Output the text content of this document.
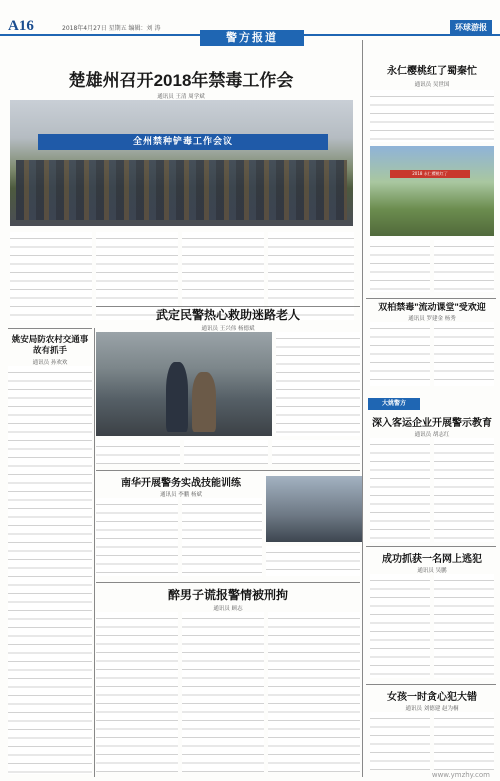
A16	2018年4月27日 星期五 编辑：刘 涛
警方报道
环球游报
楚雄州召开2018年禁毒工作会
通讯员 王清 周学斌
全州禁种铲毒工作会议
永仁樱桃红了蜀秦忙
通讯员 吴世国
2018 永仁樱桃红了
姚安局防农村交通事故有抓手
通讯员 孙欢欢
武定民警热心救助迷路老人
通讯员 王兴伟 杨德斌
双柏禁毒"流动课堂"受欢迎
通讯员 罗建金 杨秀
大姚警方
深入客运企业开展警示教育
通讯员 胡志红
南华开展警务实战技能训练
通讯员 李鹏 杨斌
成功抓获一名网上逃犯
通讯员 吴鹏
醉男子谎报警情被刑拘
通讯员 顾志
女孩一时贪心犯大错
通讯员 刘德建 赵为桐
www.ymzhy.com
